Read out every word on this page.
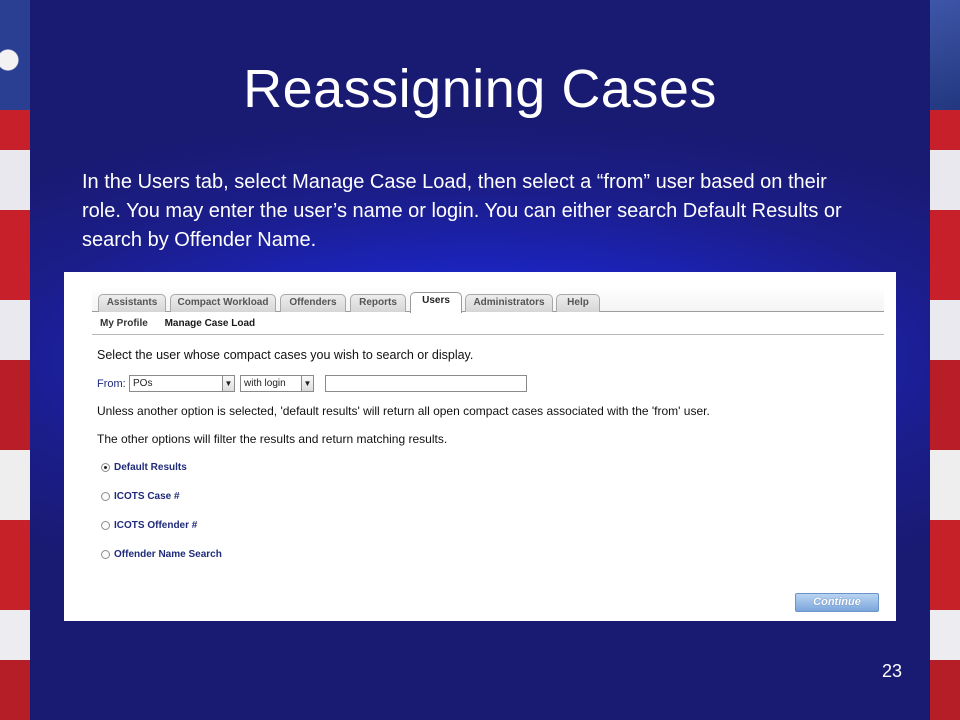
Reassigning Cases

In the Users tab, select Manage Case Load, then select a “from” user based on their role. You may enter the user’s name or login. You can either search Default Results or search by Offender Name.

Assistants	Compact Workload	Offenders	Reports	Users	Administrators	Help
My Profile Manage Case Load
Select the user whose compact cases you wish to search or display.
From: POs	▼	with login	▼
Unless another option is selected, 'default results' will return all open compact cases associated with the 'from' user.
The other options will filter the results and return matching results.
Default Results
ICOTS Case #
ICOTS Offender #
Offender Name Search
Continue
23
